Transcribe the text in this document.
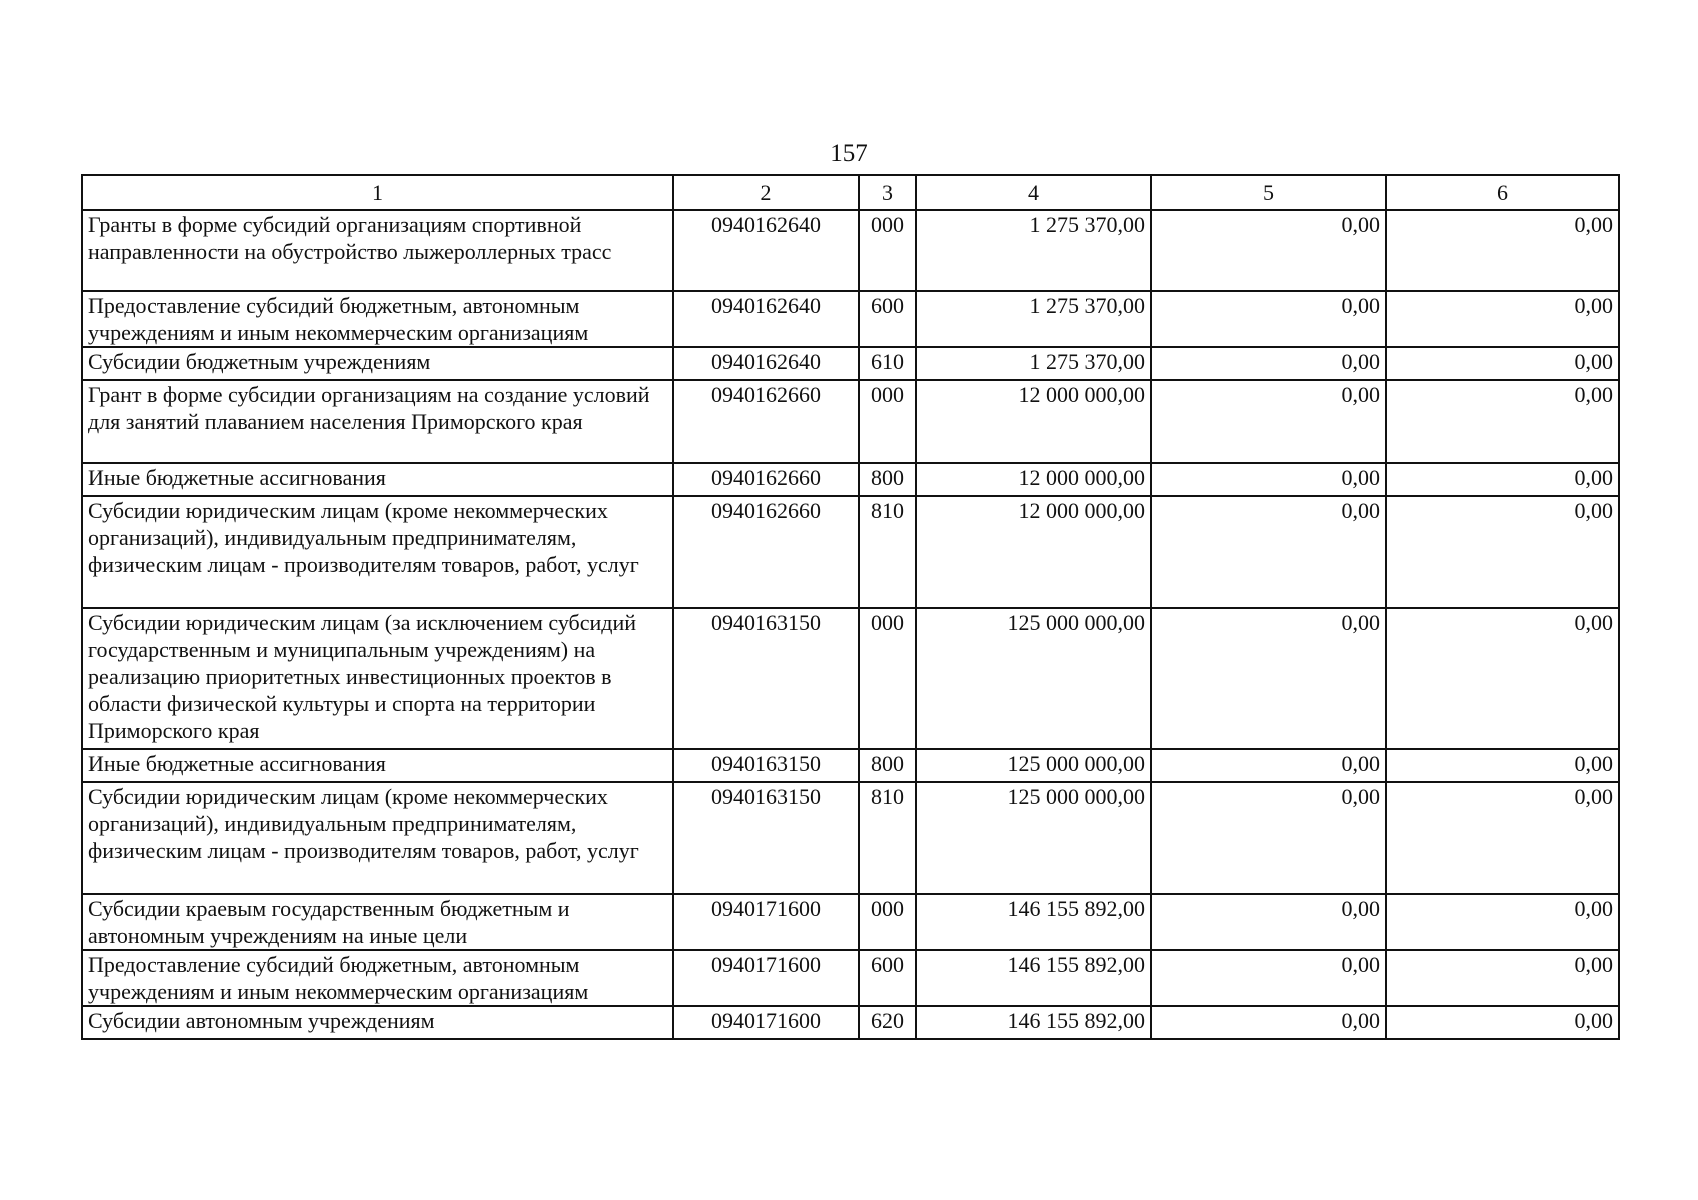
157
1	2	3	4	5	6
Гранты в форме субсидий организациям спортивной направленности на обустройство лыжероллерных трасс	0940162640	000	1 275 370,00	0,00	0,00
Предоставление субсидий бюджетным, автономным учреждениям и иным некоммерческим организациям	0940162640	600	1 275 370,00	0,00	0,00
Субсидии бюджетным учреждениям	0940162640	610	1 275 370,00	0,00	0,00
Грант в форме субсидии организациям на создание условий для занятий плаванием населения Приморского края	0940162660	000	12 000 000,00	0,00	0,00
Иные бюджетные ассигнования	0940162660	800	12 000 000,00	0,00	0,00
Субсидии юридическим лицам (кроме некоммерческих организаций), индивидуальным предпринимателям, физическим лицам - производителям товаров, работ, услуг	0940162660	810	12 000 000,00	0,00	0,00
Субсидии юридическим лицам (за исключением субсидий государственным и муниципальным учреждениям) на реализацию приоритетных инвестиционных проектов в области физической культуры и спорта на территории Приморского края	0940163150	000	125 000 000,00	0,00	0,00
Иные бюджетные ассигнования	0940163150	800	125 000 000,00	0,00	0,00
Субсидии юридическим лицам (кроме некоммерческих организаций), индивидуальным предпринимателям, физическим лицам - производителям товаров, работ, услуг	0940163150	810	125 000 000,00	0,00	0,00
Субсидии краевым государственным бюджетным и автономным учреждениям на иные цели	0940171600	000	146 155 892,00	0,00	0,00
Предоставление субсидий бюджетным, автономным учреждениям и иным некоммерческим организациям	0940171600	600	146 155 892,00	0,00	0,00
Субсидии автономным учреждениям	0940171600	620	146 155 892,00	0,00	0,00
